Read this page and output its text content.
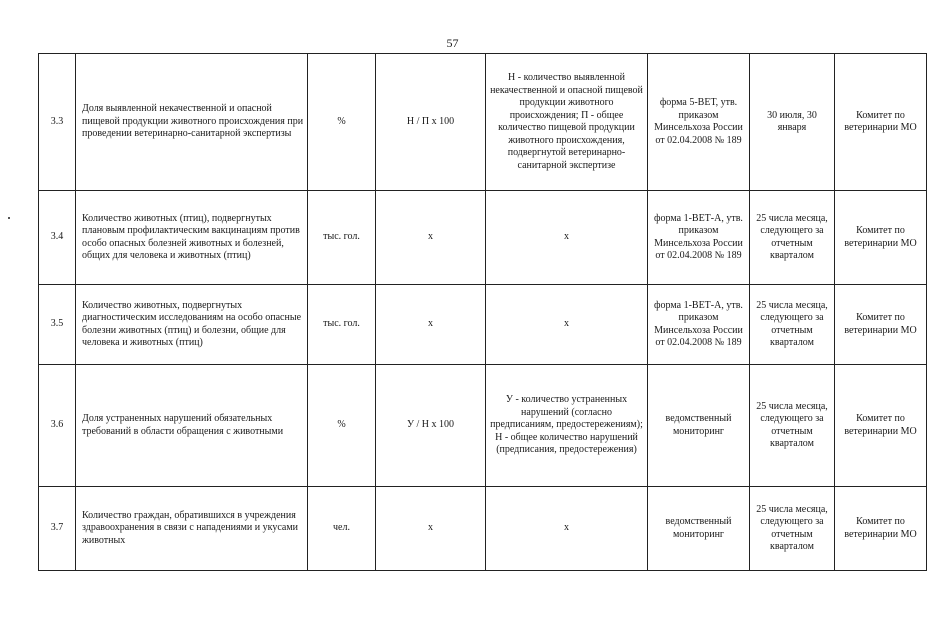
57
3.3	Доля выявленной некачественной и опасной пищевой продукции животного происхождения при проведении ветеринарно-санитарной экспертизы	%	Н / П х 100	Н - количество выявленной некачественной и опасной пищевой продукции животного происхождения; П - общее количество пищевой продукции животного происхождения, подвергнутой ветеринарно-санитарной экспертизе	форма 5-ВЕТ, утв. приказом Минсельхоза России от 02.04.2008 № 189	30 июля, 30 января	Комитет по ветеринарии МО
3.4	Количество животных (птиц), подвергнутых плановым профилактическим вакцинациям против особо опасных болезней животных и болезней, общих для человека и животных (птиц)	тыс. гол.	х	х	форма 1-ВЕТ-А, утв. приказом Минсельхоза России от 02.04.2008 № 189	25 числа месяца, следующего за отчетным кварталом	Комитет по ветеринарии МО
3.5	Количество животных, подвергнутых диагностическим исследованиям на особо опасные болезни животных (птиц) и болезни, общие для человека и животных (птиц)	тыс. гол.	х	х	форма 1-ВЕТ-А, утв. приказом Минсельхоза России от 02.04.2008 № 189	25 числа месяца, следующего за отчетным кварталом	Комитет по ветеринарии МО
3.6	Доля устраненных нарушений обязательных требований в области обращения с животными	%	У / Н х 100	У - количество устраненных нарушений (согласно предписаниям, предостережениям); Н - общее количество нарушений (предписания, предостережения)	ведомственный мониторинг	25 числа месяца, следующего за отчетным кварталом	Комитет по ветеринарии МО
3.7	Количество граждан, обратившихся в учреждения здравоохранения в связи с нападениями и укусами животных	чел.	х	х	ведомственный мониторинг	25 числа месяца, следующего за отчетным кварталом	Комитет по ветеринарии МО
